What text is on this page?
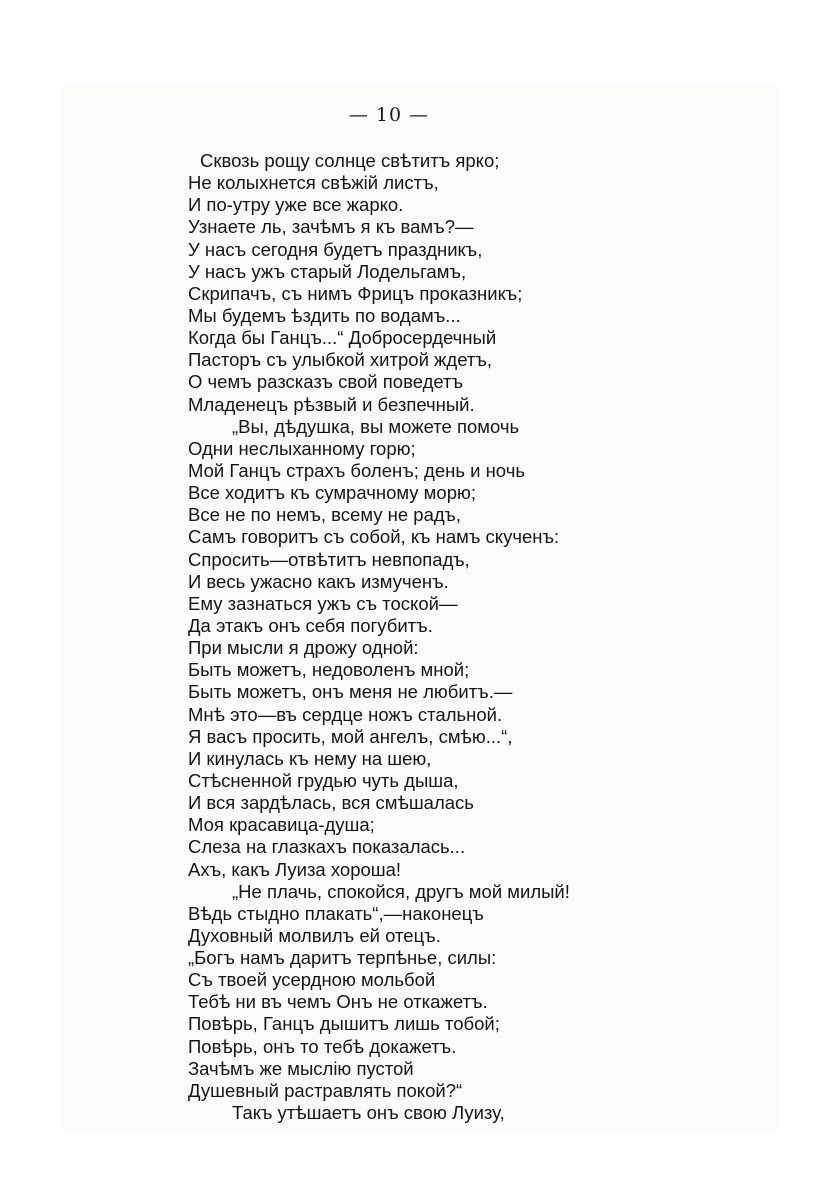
— 10 —
Сквозь рощу солнце свѣтитъ ярко;
Не колыхнется свѣжій листъ,
И по-утру уже все жарко.
Узнаете ль, зачѣмъ я къ вамъ?—
У насъ сегодня будетъ праздникъ,
У насъ ужъ старый Лодельгамъ,
Скрипачъ, съ нимъ Фрицъ проказникъ;
Мы будемъ ѣздить по водамъ...
Когда бы Ганцъ...“ Добросердечный
Пасторъ съ улыбкой хитрой ждетъ,
О чемъ разсказъ свой поведетъ
Младенецъ рѣзвый и безпечный.
„Вы, дѣдушка, вы можете помочь
Одни неслыханному горю;
Мой Ганцъ страхъ боленъ; день и ночь
Все ходитъ къ сумрачному морю;
Все не по немъ, всему не радъ,
Самъ говоритъ съ собой, къ намъ скученъ:
Спросить—отвѣтитъ невпопадъ,
И весь ужасно какъ измученъ.
Ему зазнаться ужъ съ тоской—
Да этакъ онъ себя погубитъ.
При мысли я дрожу одной:
Быть можетъ, недоволенъ мной;
Быть можетъ, онъ меня не любитъ.—
Мнѣ это—въ сердце ножъ стальной.
Я васъ просить, мой ангелъ, смѣю...“,
И кинулась къ нему на шею,
Стѣсненной грудью чуть дыша,
И вся зардѣлась, вся смѣшалась
Моя красавица-душа;
Слеза на глазкахъ показалась...
Ахъ, какъ Луиза хороша!
„Не плачь, спокойся, другъ мой милый!
Вѣдь стыдно плакать“,—наконецъ
Духовный молвилъ ей отецъ.
„Богъ намъ даритъ терпѣнье, силы:
Съ твоей усердною мольбой
Тебѣ ни въ чемъ Онъ не откажетъ.
Повѣрь, Ганцъ дышитъ лишь тобой;
Повѣрь, онъ то тебѣ докажетъ.
Зачѣмъ же мыслію пустой
Душевный растравлять покой?“
Такъ утѣшаетъ онъ свою Луизу,
